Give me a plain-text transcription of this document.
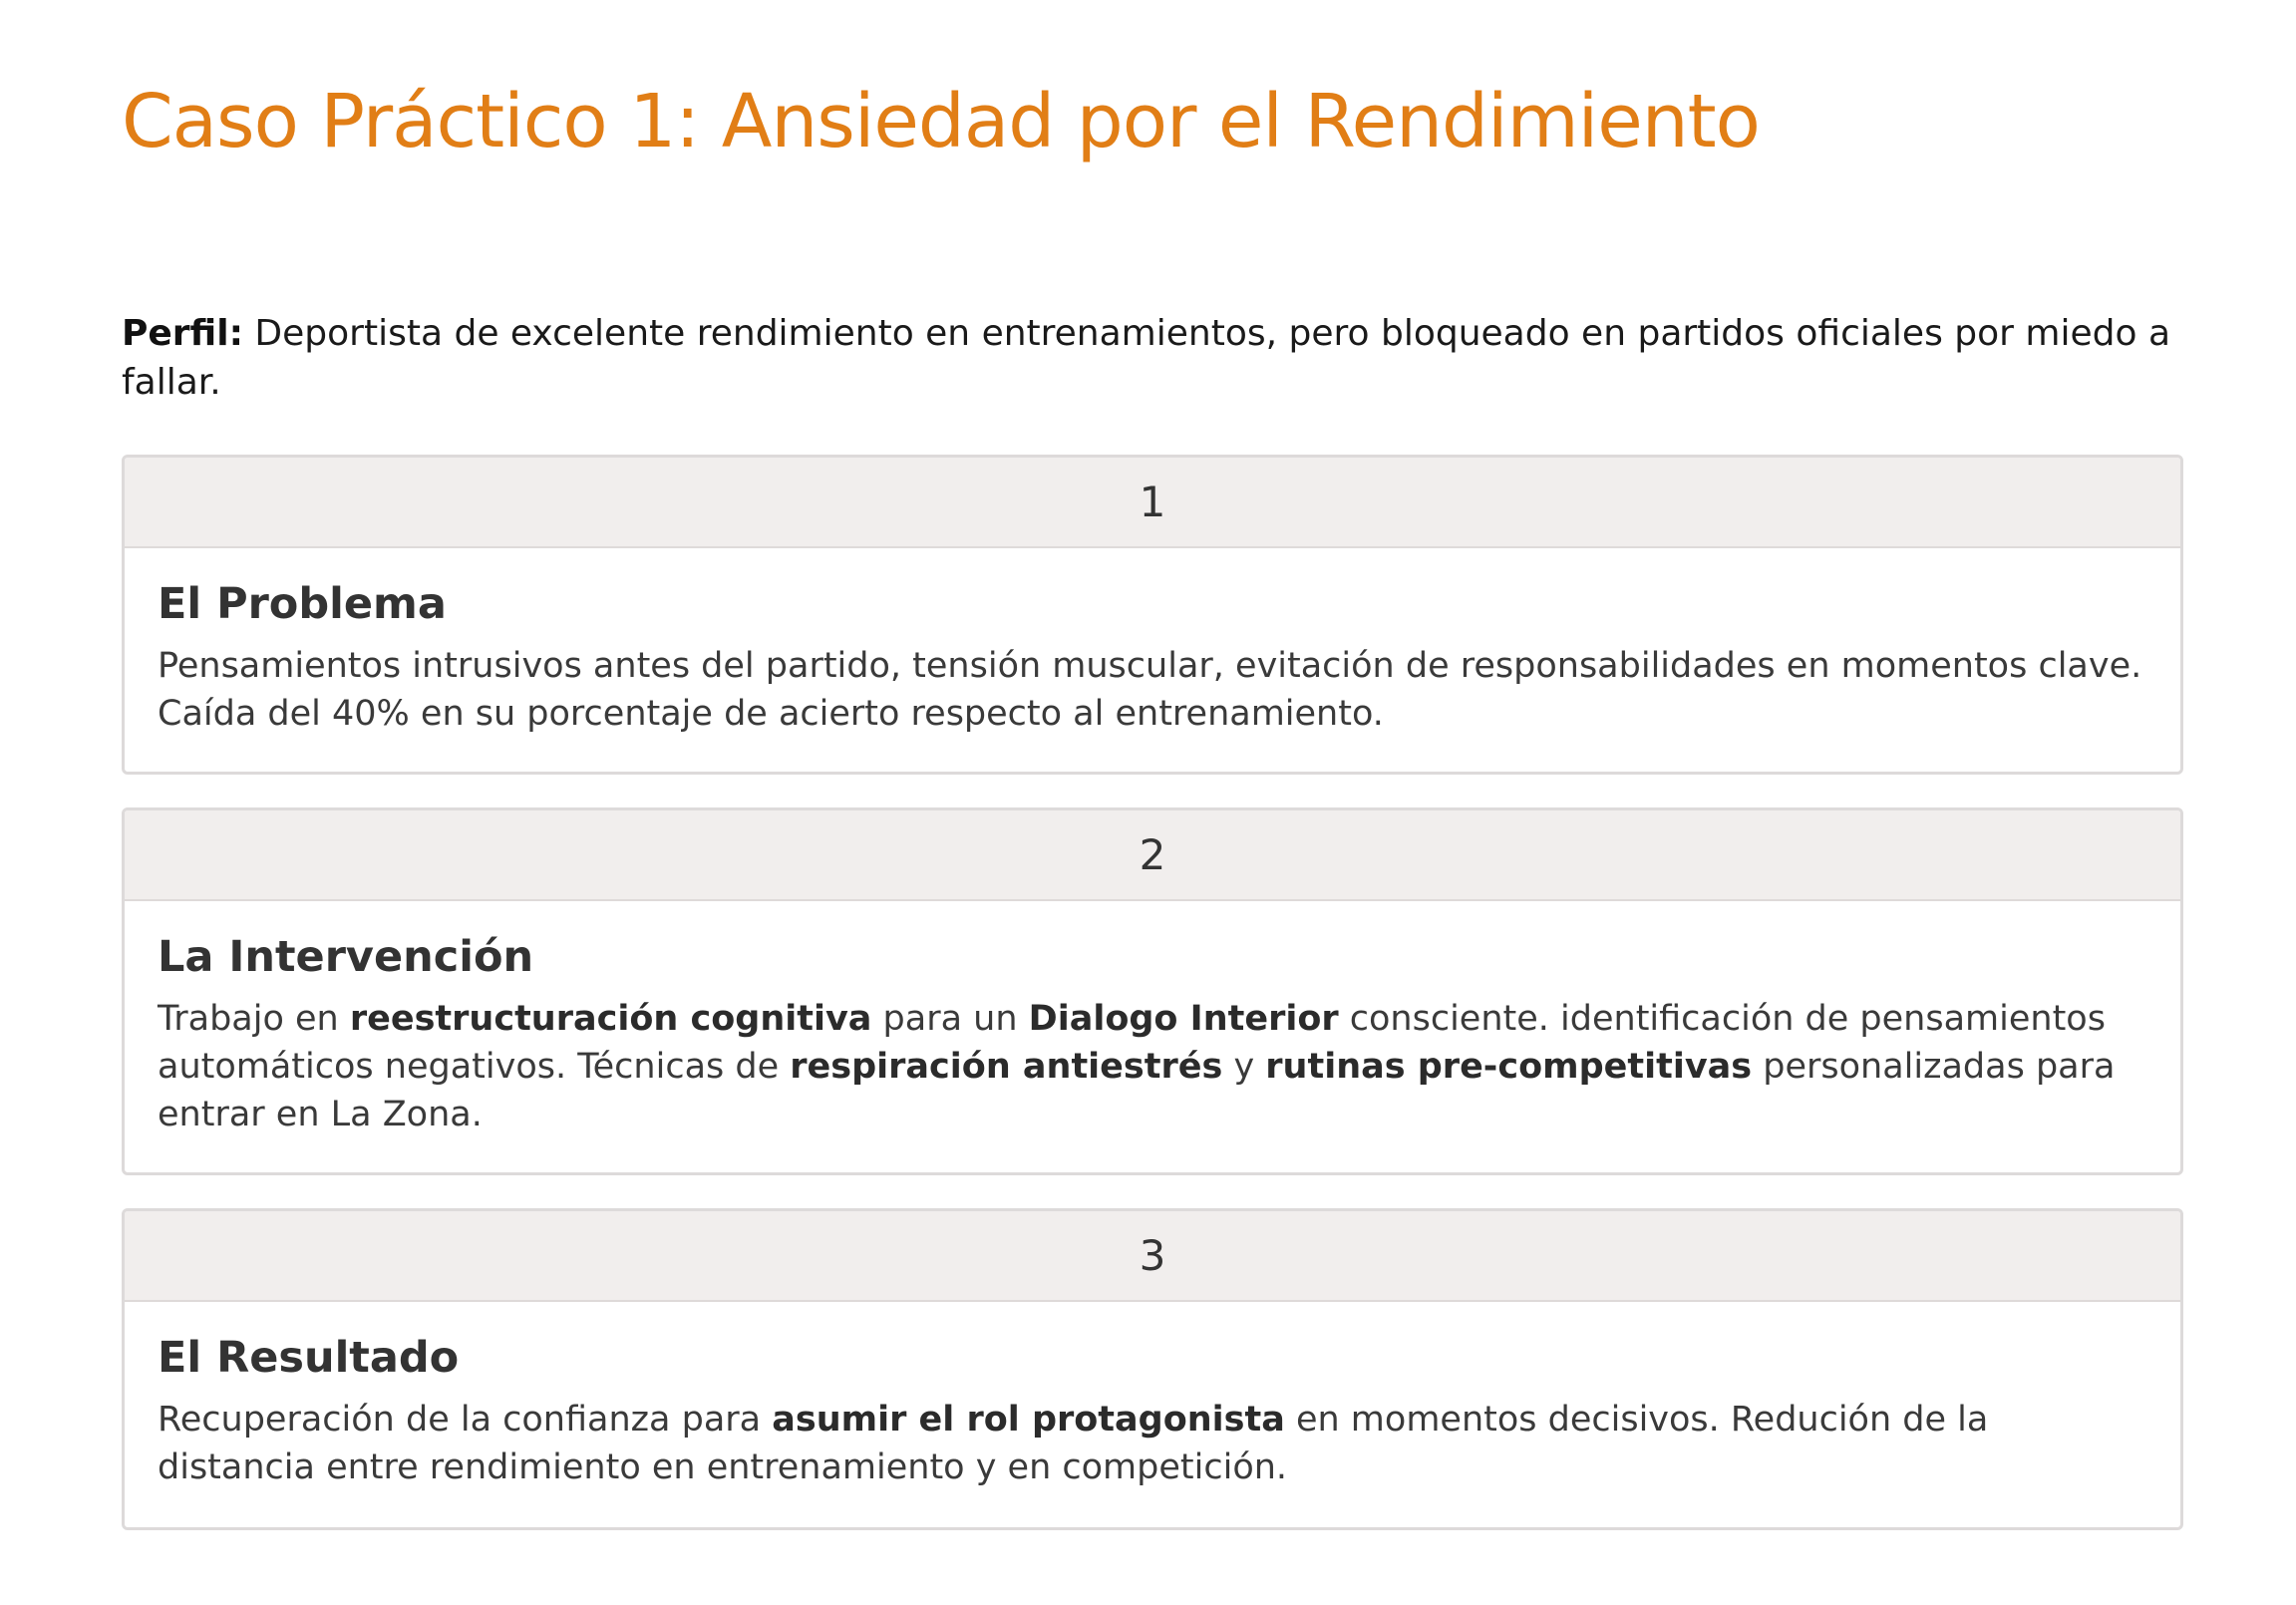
Caso Práctico 1: Ansiedad por el Rendimiento

Perfil: Deportista de excelente rendimiento en entrenamientos, pero bloqueado en partidos oficiales por miedo a fallar.

1
El Problema

Pensamientos intrusivos antes del partido, tensión muscular, evitación de responsabilidades en momentos clave. Caída del 40% en su porcentaje de acierto respecto al entrenamiento.

2
La Intervención

Trabajo en reestructuración cognitiva para un Dialogo Interior consciente. identificación de pensamientos automáticos negativos. Técnicas de respiración antiestrés y rutinas pre-competitivas personalizadas para entrar en La Zona.

3
El Resultado

Recuperación de la confianza para asumir el rol protagonista en momentos decisivos. Redución de la distancia entre rendimiento en entrenamiento y en competición.
